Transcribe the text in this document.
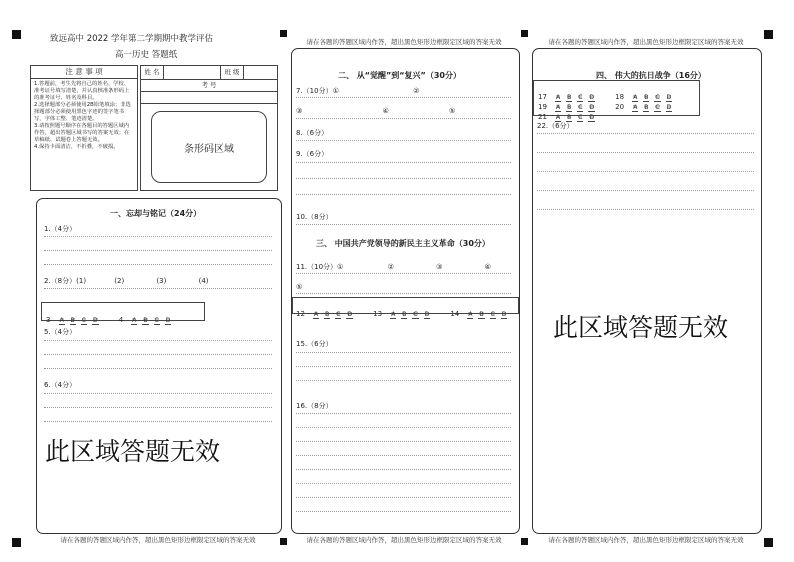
致远高中 2022 学年第二学期期中教学评估
高一历史 答题纸
注 意 事 项
1.答题前，考生先将自己的姓名、学校、准考证号填写清楚，并认真核准条形码上的准考证号、姓名及科目。
2.选择题部分必须使用2B铅笔填涂；非选择题部分必须使用黑色字迹的签字笔书写，字体工整、笔迹清楚。
3.请按照题号顺序在各题目的答题区域内作答，超出答题区域书写的答案无效；在草稿纸、试题卷上答题无效。
4.保持卡面清洁，不折叠，不破损。
姓 名	班 级
考 号
条形码区域
请在各题的答题区域内作答，超出黑色矩形边框限定区域的答案无效
一、忘却与铭记（24分）
1.（4分）
2.（8分）(1)	(2)	(3)	(4)
3 A B C D	4 A B C D
5.（4分）
6.（4分）
此区域答题无效
请在各题的答题区域内作答，超出黑色矩形边框限定区域的答案无效
请在各题的答题区域内作答，超出黑色矩形边框限定区域的答案无效
二、 从“觉醒”到“复兴”（30分）
7.（10分）①	②
③	④	⑤
8.（6分）
9.（6分）
10.（8分）
三、 中国共产党领导的新民主主义革命（30分）
11.（10分）①	②	③	④
⑤
12 A B C D	13 A B C D	14 A B C D
15.（6分）
16.（8分）
请在各题的答题区域内作答，超出黑色矩形边框限定区域的答案无效
请在各题的答题区域内作答，超出黑色矩形边框限定区域的答案无效
四、 伟大的抗日战争（16分）
17 A B C D	18 A B C D
19 A B C D	20 A B C D
21 A B C D
22.（6分）
此区域答题无效
